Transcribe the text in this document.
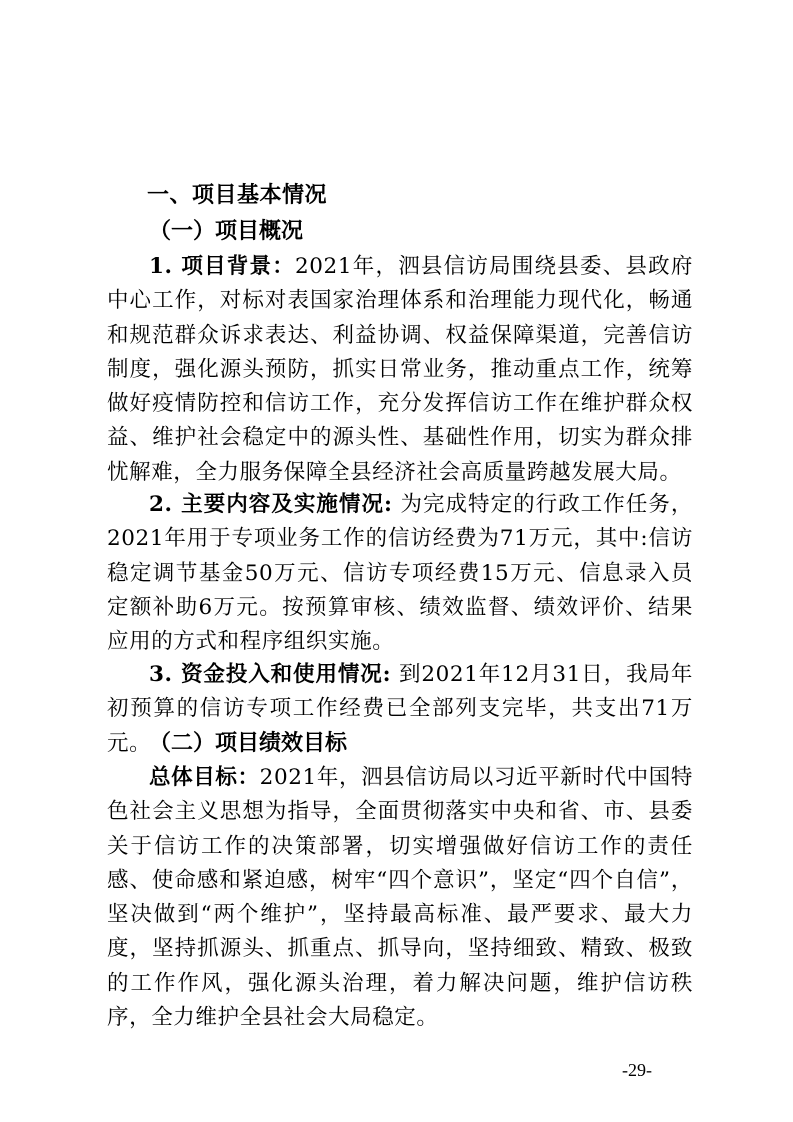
一、项目基本情况
（一）项目概况
1. 项目背景：2021年，泗县信访局围绕县委、县政府中心工作，对标对表国家治理体系和治理能力现代化，畅通和规范群众诉求表达、利益协调、权益保障渠道，完善信访制度，强化源头预防，抓实日常业务，推动重点工作，统筹做好疫情防控和信访工作，充分发挥信访工作在维护群众权益、维护社会稳定中的源头性、基础性作用，切实为群众排忧解难，全力服务保障全县经济社会高质量跨越发展大局。
2. 主要内容及实施情况: 为完成特定的行政工作任务，2021年用于专项业务工作的信访经费为71万元，其中:信访稳定调节基金50万元、信访专项经费15万元、信息录入员定额补助6万元。按预算审核、绩效监督、绩效评价、结果应用的方式和程序组织实施。
3. 资金投入和使用情况: 到2021年12月31日，我局年初预算的信访专项工作经费已全部列支完毕，共支出71万元。
（二）项目绩效目标
总体目标：2021年，泗县信访局以习近平新时代中国特色社会主义思想为指导，全面贯彻落实中央和省、市、县委关于信访工作的决策部署，切实增强做好信访工作的责任感、使命感和紧迫感，树牢“四个意识”，坚定“四个自信”，坚决做到“两个维护”，坚持最高标准、最严要求、最大力度，坚持抓源头、抓重点、抓导向，坚持细致、精致、极致的工作作风，强化源头治理，着力解决问题，维护信访秩序，全力维护全县社会大局稳定。
-29-
